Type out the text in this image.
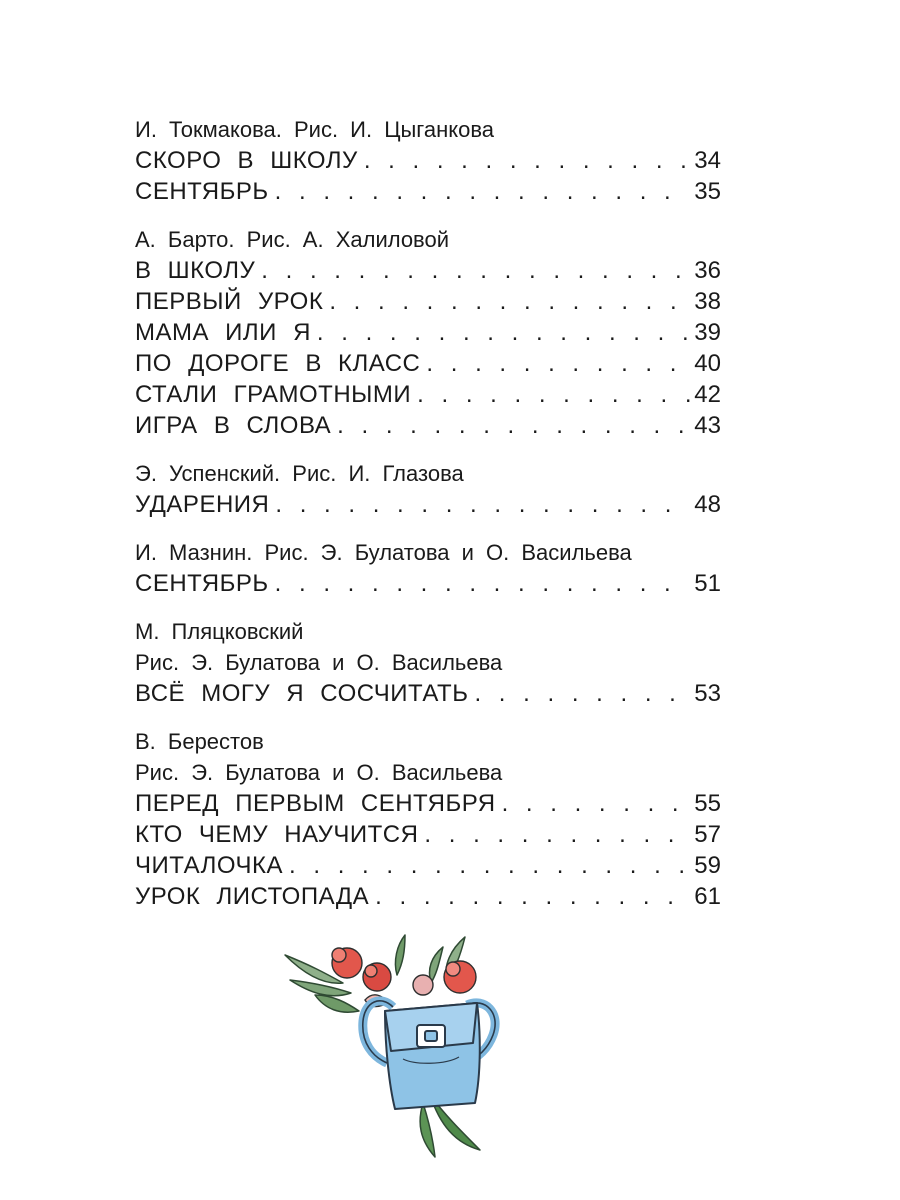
И. Токмакова. Рис. И. Цыганкова
СКОРО В ШКОЛУ . . .	34
СЕНТЯБРЬ . . .	35
А. Барто. Рис. А. Халиловой
В ШКОЛУ . . .	36
ПЕРВЫЙ УРОК . . .	38
МАМА ИЛИ Я . . .	39
ПО ДОРОГЕ В КЛАСС . . .	40
СТАЛИ ГРАМОТНЫМИ . . .	42
ИГРА В СЛОВА . . .	43
Э. Успенский. Рис. И. Глазова
УДАРЕНИЯ . . .	48
И. Мазнин. Рис. Э. Булатова и О. Васильева
СЕНТЯБРЬ . . .	51
М. Пляцковский
Рис. Э. Булатова и О. Васильева
ВСЁ МОГУ Я СОСЧИТАТЬ . . .	53
В. Берестов
Рис. Э. Булатова и О. Васильева
ПЕРЕД ПЕРВЫМ СЕНТЯБРЯ . . .	55
КТО ЧЕМУ НАУЧИТСЯ . . .	57
ЧИТАЛОЧКА . . .	59
УРОК ЛИСТОПАДА . . .	61
